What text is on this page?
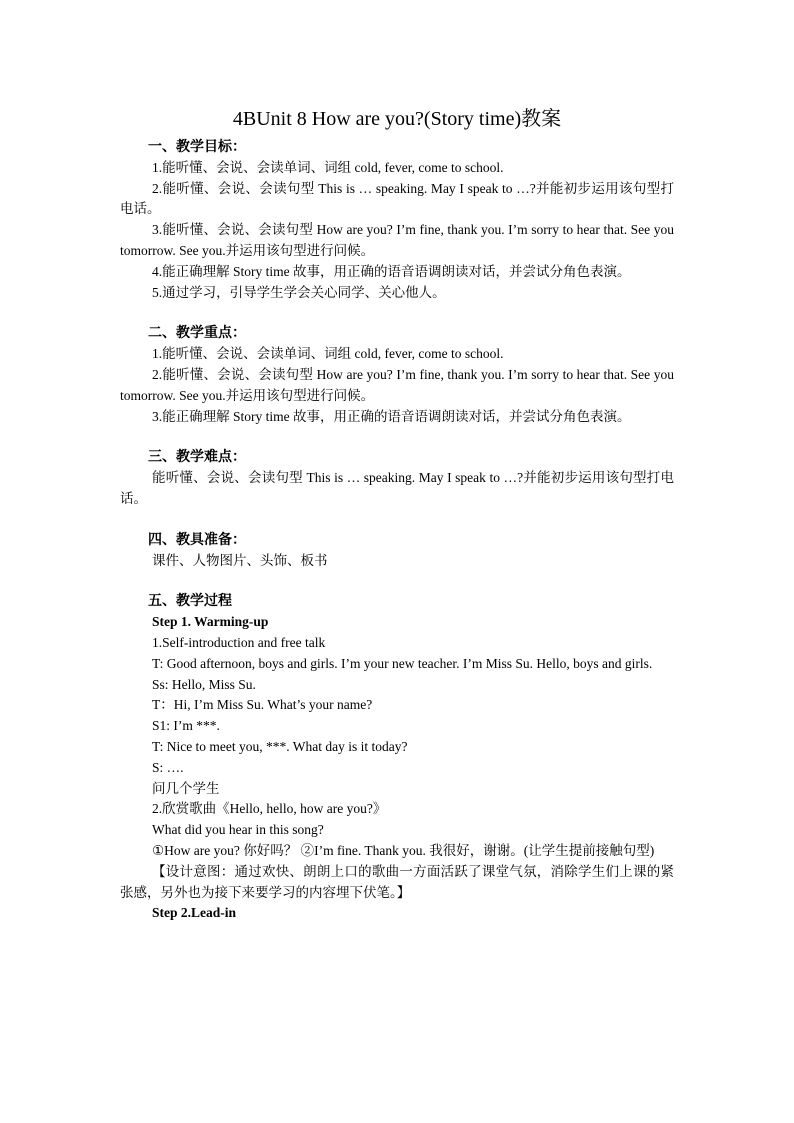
4BUnit 8 How are you?(Story time)教案

一、教学目标：

1.能听懂、会说、会读单词、词组 cold, fever, come to school.

2.能听懂、会说、会读句型 This is … speaking. May I speak to …?并能初步运用该句型打电话。

3.能听懂、会说、会读句型 How are you? I’m fine, thank you. I’m sorry to hear that. See you tomorrow. See you.并运用该句型进行问候。

4.能正确理解 Story time 故事，用正确的语音语调朗读对话，并尝试分角色表演。

5.通过学习，引导学生学会关心同学、关心他人。

二、教学重点：

1.能听懂、会说、会读单词、词组 cold, fever, come to school.

2.能听懂、会说、会读句型 How are you? I’m fine, thank you. I’m sorry to hear that. See you tomorrow. See you.并运用该句型进行问候。

3.能正确理解 Story time 故事，用正确的语音语调朗读对话，并尝试分角色表演。

三、教学难点：

能听懂、会说、会读句型 This is … speaking. May I speak to …?并能初步运用该句型打电话。

四、教具准备：

课件、人物图片、头饰、板书

五、教学过程

Step 1. Warming-up

1.Self-introduction and free talk

T: Good afternoon, boys and girls. I’m your new teacher. I’m Miss Su. Hello, boys and girls.

Ss: Hello, Miss Su.

T：Hi, I’m Miss Su. What’s your name?

S1: I’m ***.

T: Nice to meet you, ***. What day is it today?

S: ….

问几个学生

2.欣赏歌曲《Hello, hello, how are you?》

What did you hear in this song?

①How are you? 你好吗？ ②I’m fine. Thank you. 我很好，谢谢。(让学生提前接触句型)

【设计意图：通过欢快、朗朗上口的歌曲一方面活跃了课堂气氛，消除学生们上课的紧张感，另外也为接下来要学习的内容埋下伏笔。】

Step 2.Lead-in
